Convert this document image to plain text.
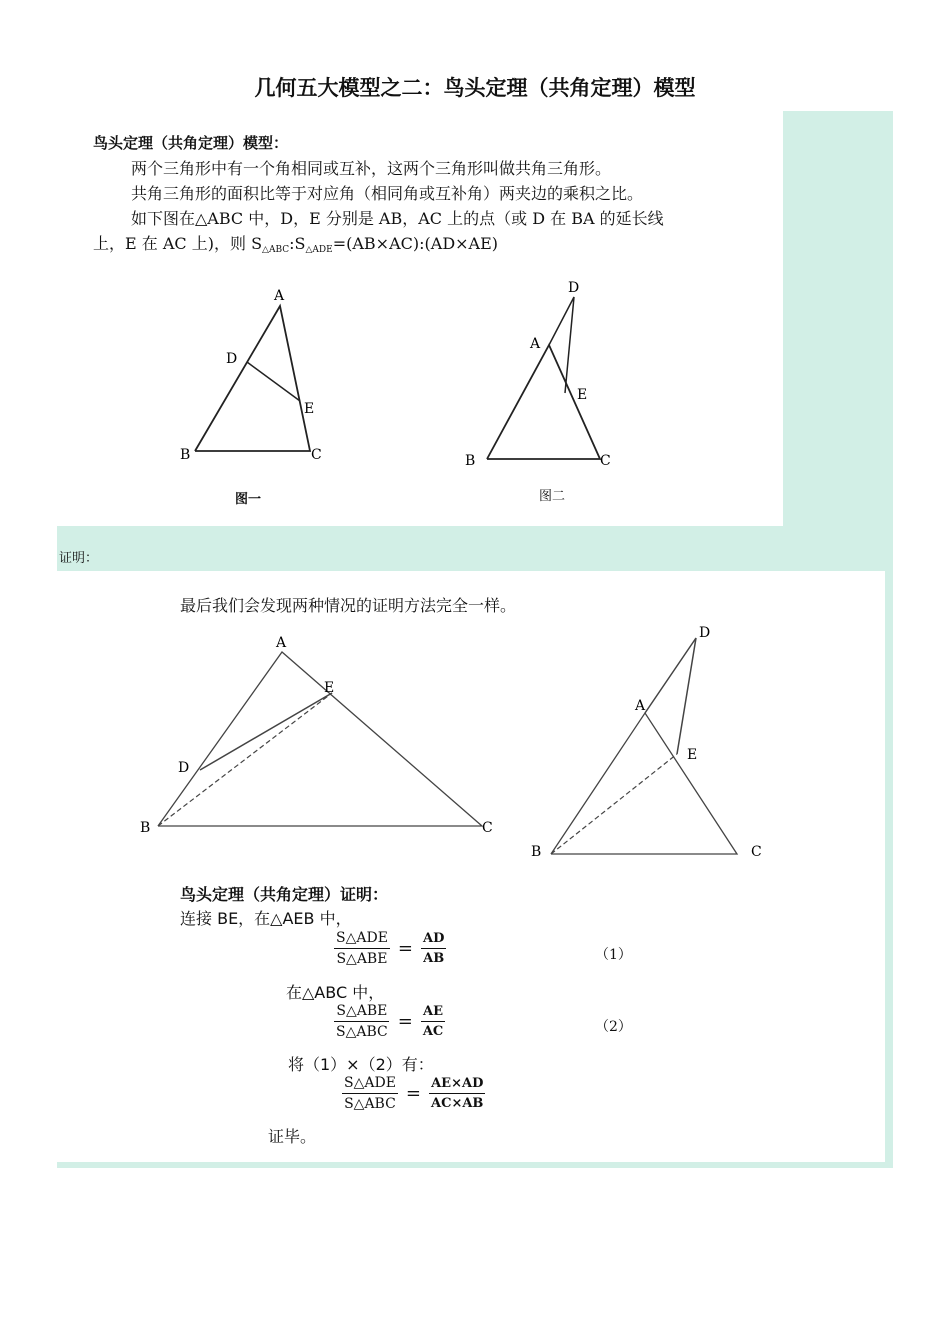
几何五大模型之二：鸟头定理（共角定理）模型
鸟头定理（共角定理）模型：
两个三角形中有一个角相同或互补，这两个三角形叫做共角三角形。
共角三角形的面积比等于对应角（相同角或互补角）两夹边的乘积之比。
如下图在△ABC 中，D，E 分别是 AB，AC 上的点（或 D 在 BA 的延长线
上，E 在 AC 上)，则 $S_{\triangle ABC}:S_{\triangle ADE}=(AB\times AC):(AD\times AE)$
A
D
E
B	C
图一
D
A
E
B	C
图二
证明：
最后我们会发现两种情况的证明方法完全一样。
A
E
D
B	C
D
A
E
B	C
鸟头定理（共角定理）证明：
连接 BE，在△AEB 中，
$\frac{\text{S△ADE}}{\text{S△ABE}} = \frac{AD}{AB}$	（1）
在△ABC 中，
$\frac{\text{S△ABE}}{\text{S△ABC}} = \frac{AE}{AC}$	（2）
将（1）×（2）有：
$\frac{\text{S△ADE}}{\text{S△ABC}} = \frac{AE\times AD}{AC\times AB}$
证毕。
